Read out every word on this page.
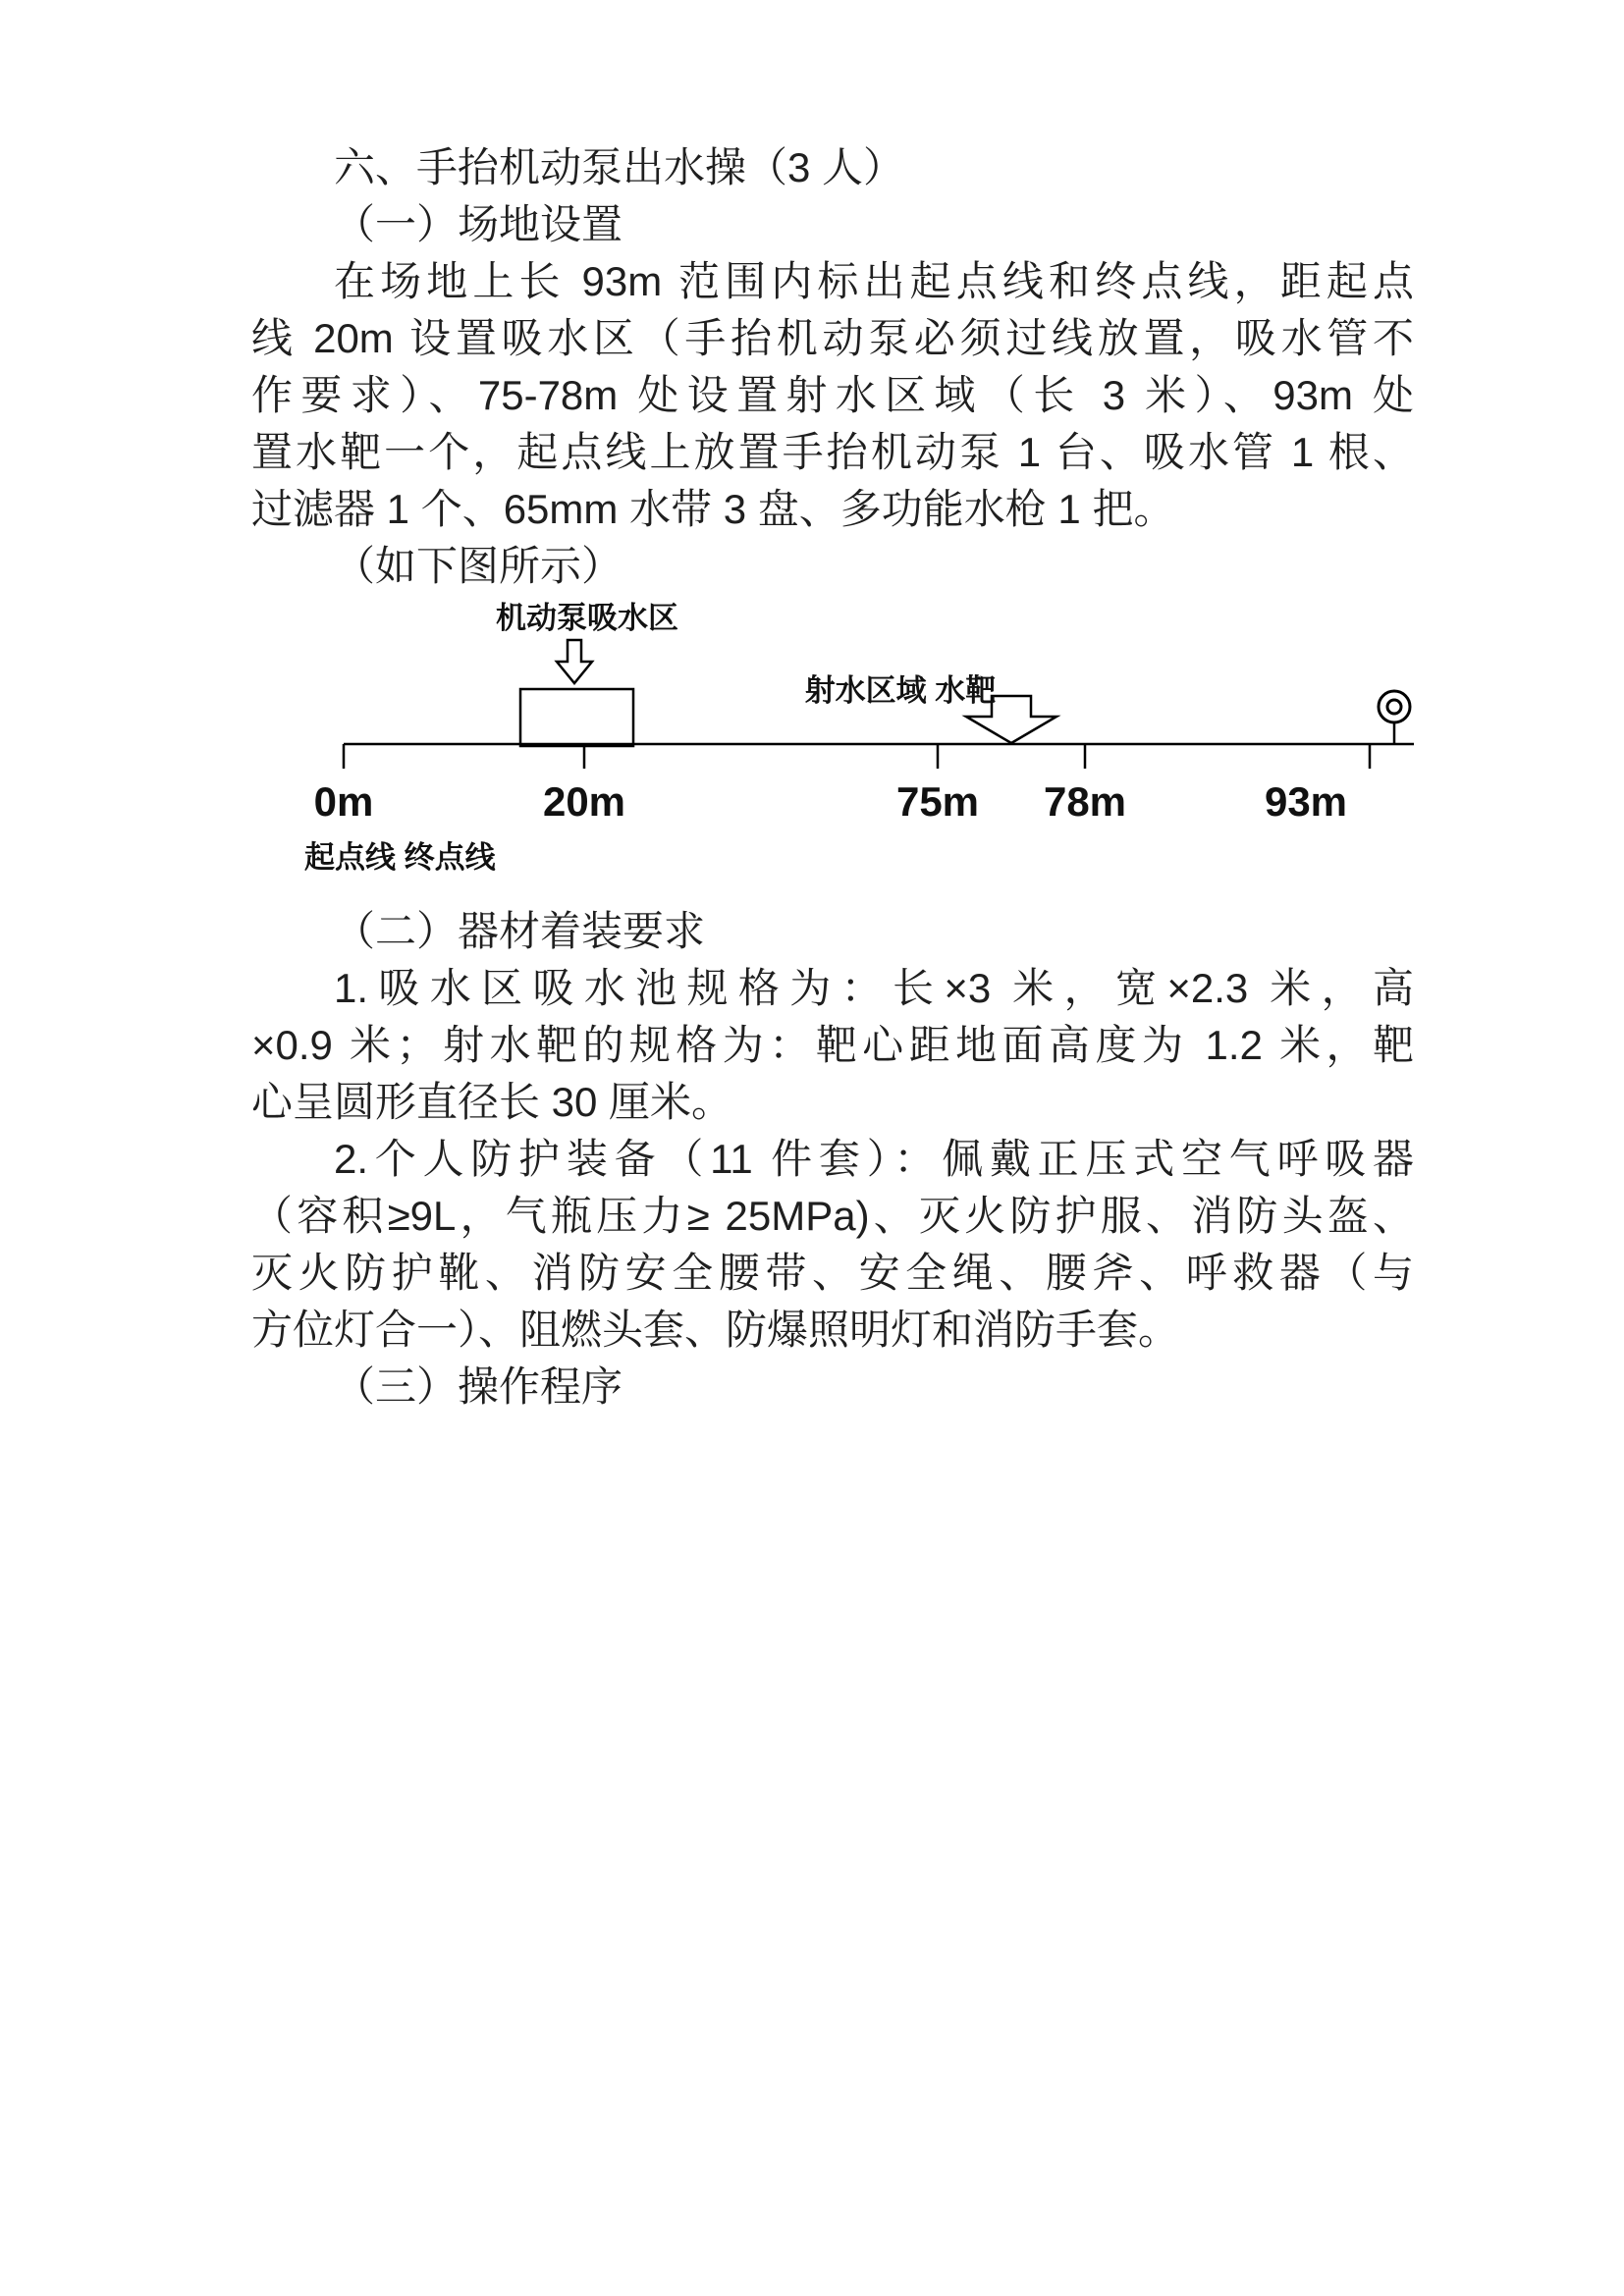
六、手抬机动泵出水操（3 人）
（一）场地设置
在场地上长 93m 范围内标出起点线和终点线，距起点
线 20m 设置吸水区（手抬机动泵必须过线放置，吸水管不
作要求）、75-78m 处设置射水区域（长 3 米）、93m 处
置水靶一个，起点线上放置手抬机动泵 1 台、吸水管 1 根、
过滤器 1 个、65mm 水带 3 盘、多功能水枪 1 把。
（如下图所示）
机动泵吸水区
射水区域 水靶
0m	20m	75m 78m	93m
起点线 终点线
（二）器材着装要求
1.吸水区吸水池规格为：长×3 米，宽×2.3 米，高
×0.9 米；射水靶的规格为：靶心距地面高度为 1.2 米，靶
心呈圆形直径长 30 厘米。
2.个人防护装备（11 件套）：佩戴正压式空气呼吸器
（容积≥9L，气瓶压力≥ 25MPa)、灭火防护服、消防头盔、
灭火防护靴、消防安全腰带、安全绳、腰斧、呼救器（与
方位灯合一）、阻燃头套、防爆照明灯和消防手套。
（三）操作程序
